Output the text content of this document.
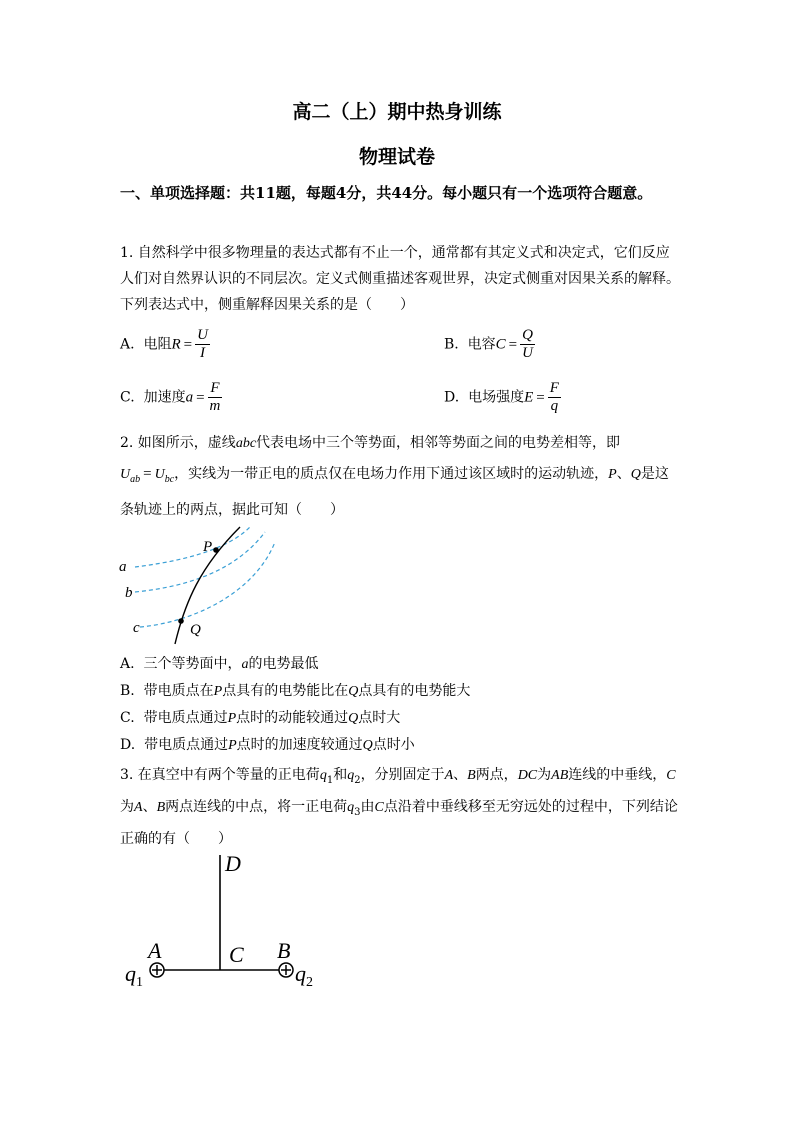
高二（上）期中热身训练
物理试卷
一、单项选择题：共11题，每题4分，共44分。每小题只有一个选项符合题意。
1. 自然科学中很多物理量的表达式都有不止一个，通常都有其定义式和决定式，它们反应人们对自然界认识的不同层次。定义式侧重描述客观世界，决定式侧重对因果关系的解释。下列表达式中，侧重解释因果关系的是（　　）
A. 电阻$R = \frac{U}{I}$	B. 电容$C = \frac{Q}{U}$
C. 加速度$a = \frac{F}{m}$	D. 电场强度$E = \frac{F}{q}$
2. 如图所示，虚线abc代表电场中三个等势面，相邻等势面之间的电势差相等，即$U_{ab} = U_{bc}$，实线为一带正电的质点仅在电场力作用下通过该区域时的运动轨迹，P、Q是这条轨迹上的两点，据此可知（　　）
a
b
c
P
Q
A. 三个等势面中，a的电势最低
B. 带电质点在P点具有的电势能比在Q点具有的电势能大
C. 带电质点通过P点时的动能较通过Q点时大
D. 带电质点通过P点时的加速度较通过Q点时小
3. 在真空中有两个等量的正电荷$q_1$和$q_2$，分别固定于A、B两点，DC为AB连线的中垂线，C为A、B两点连线的中点，将一正电荷$q_3$由C点沿着中垂线移至无穷远处的过程中，下列结论正确的有（　　）
D
A	C B
$q_1$	$q_2$
